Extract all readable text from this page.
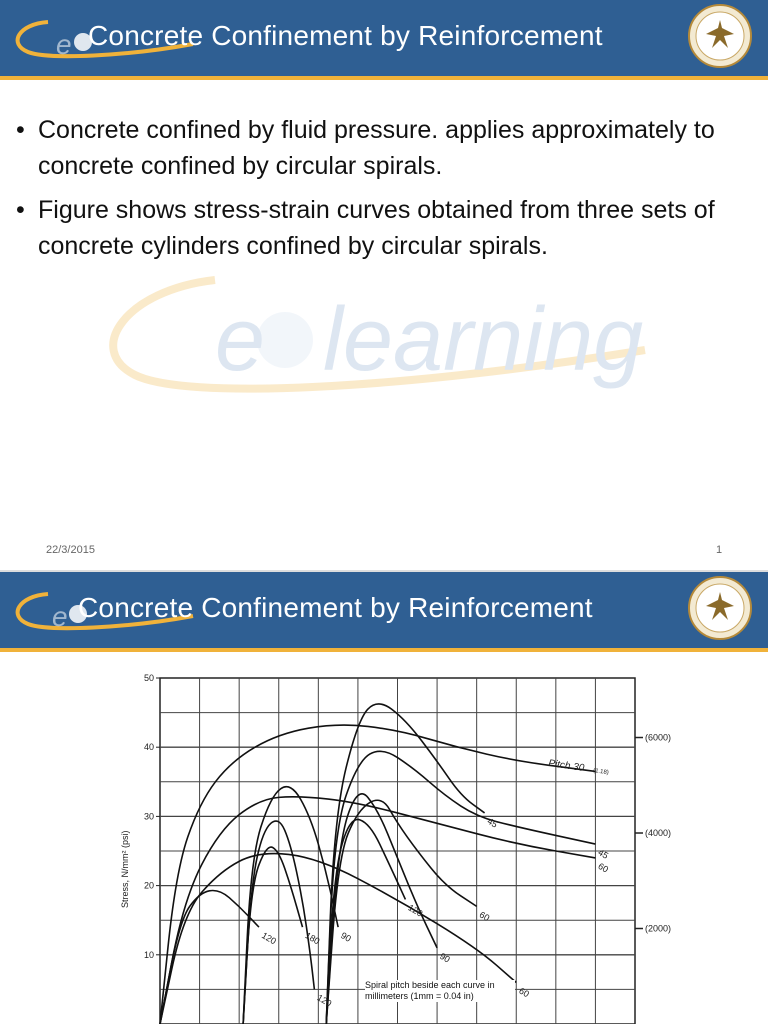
e Concrete Confinement by Reinforcement
e learning
• Concrete confined by fluid pressure. applies approximately to concrete confined by circular spirals.
• Figure shows stress-strain curves obtained from three sets of concrete cylinders confined by circular spirals.
22/3/2015	1
e Concrete Confinement by Reinforcement
10
20
30
40
50
(2000)
(4000)
(6000)
45
45
60
60
60
90
90
120
120
120	180
Stress, N/mm² (psi)
Pitch 30 (1.18)
Spiral pitch beside each curve in millimeters (1mm = 0.04 in)
